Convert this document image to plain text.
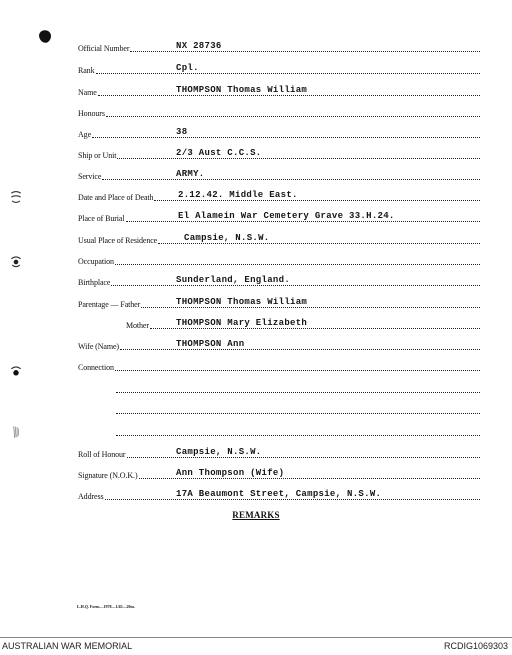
Official Number	NX 28736
Rank	Cpl.
Name	THOMPSON Thomas William
Honours
Age	38
Ship or Unit	2/3 Aust C.C.S.
Service	ARMY.
Date and Place of Death	2.12.42. Middle East.
Place of Burial	El Alamein War Cemetery Grave 33.H.24.
Usual Place of Residence	Campsie, N.S.W.
Occupation
Birthplace	Sunderland, England.
Parentage — Father	THOMPSON Thomas William
Mother	THOMPSON Mary Elizabeth
Wife (Name)	THOMPSON Ann
Connection
Roll of Honour	Campsie, N.S.W.
Signature (N.O.K.)	Ann Thompson (Wife)
Address	17A Beaumont Street, Campsie, N.S.W.
REMARKS
L.H.Q. Form—1978—1/45—20m.
AUSTRALIAN WAR MEMORIAL	RCDIG1069303
